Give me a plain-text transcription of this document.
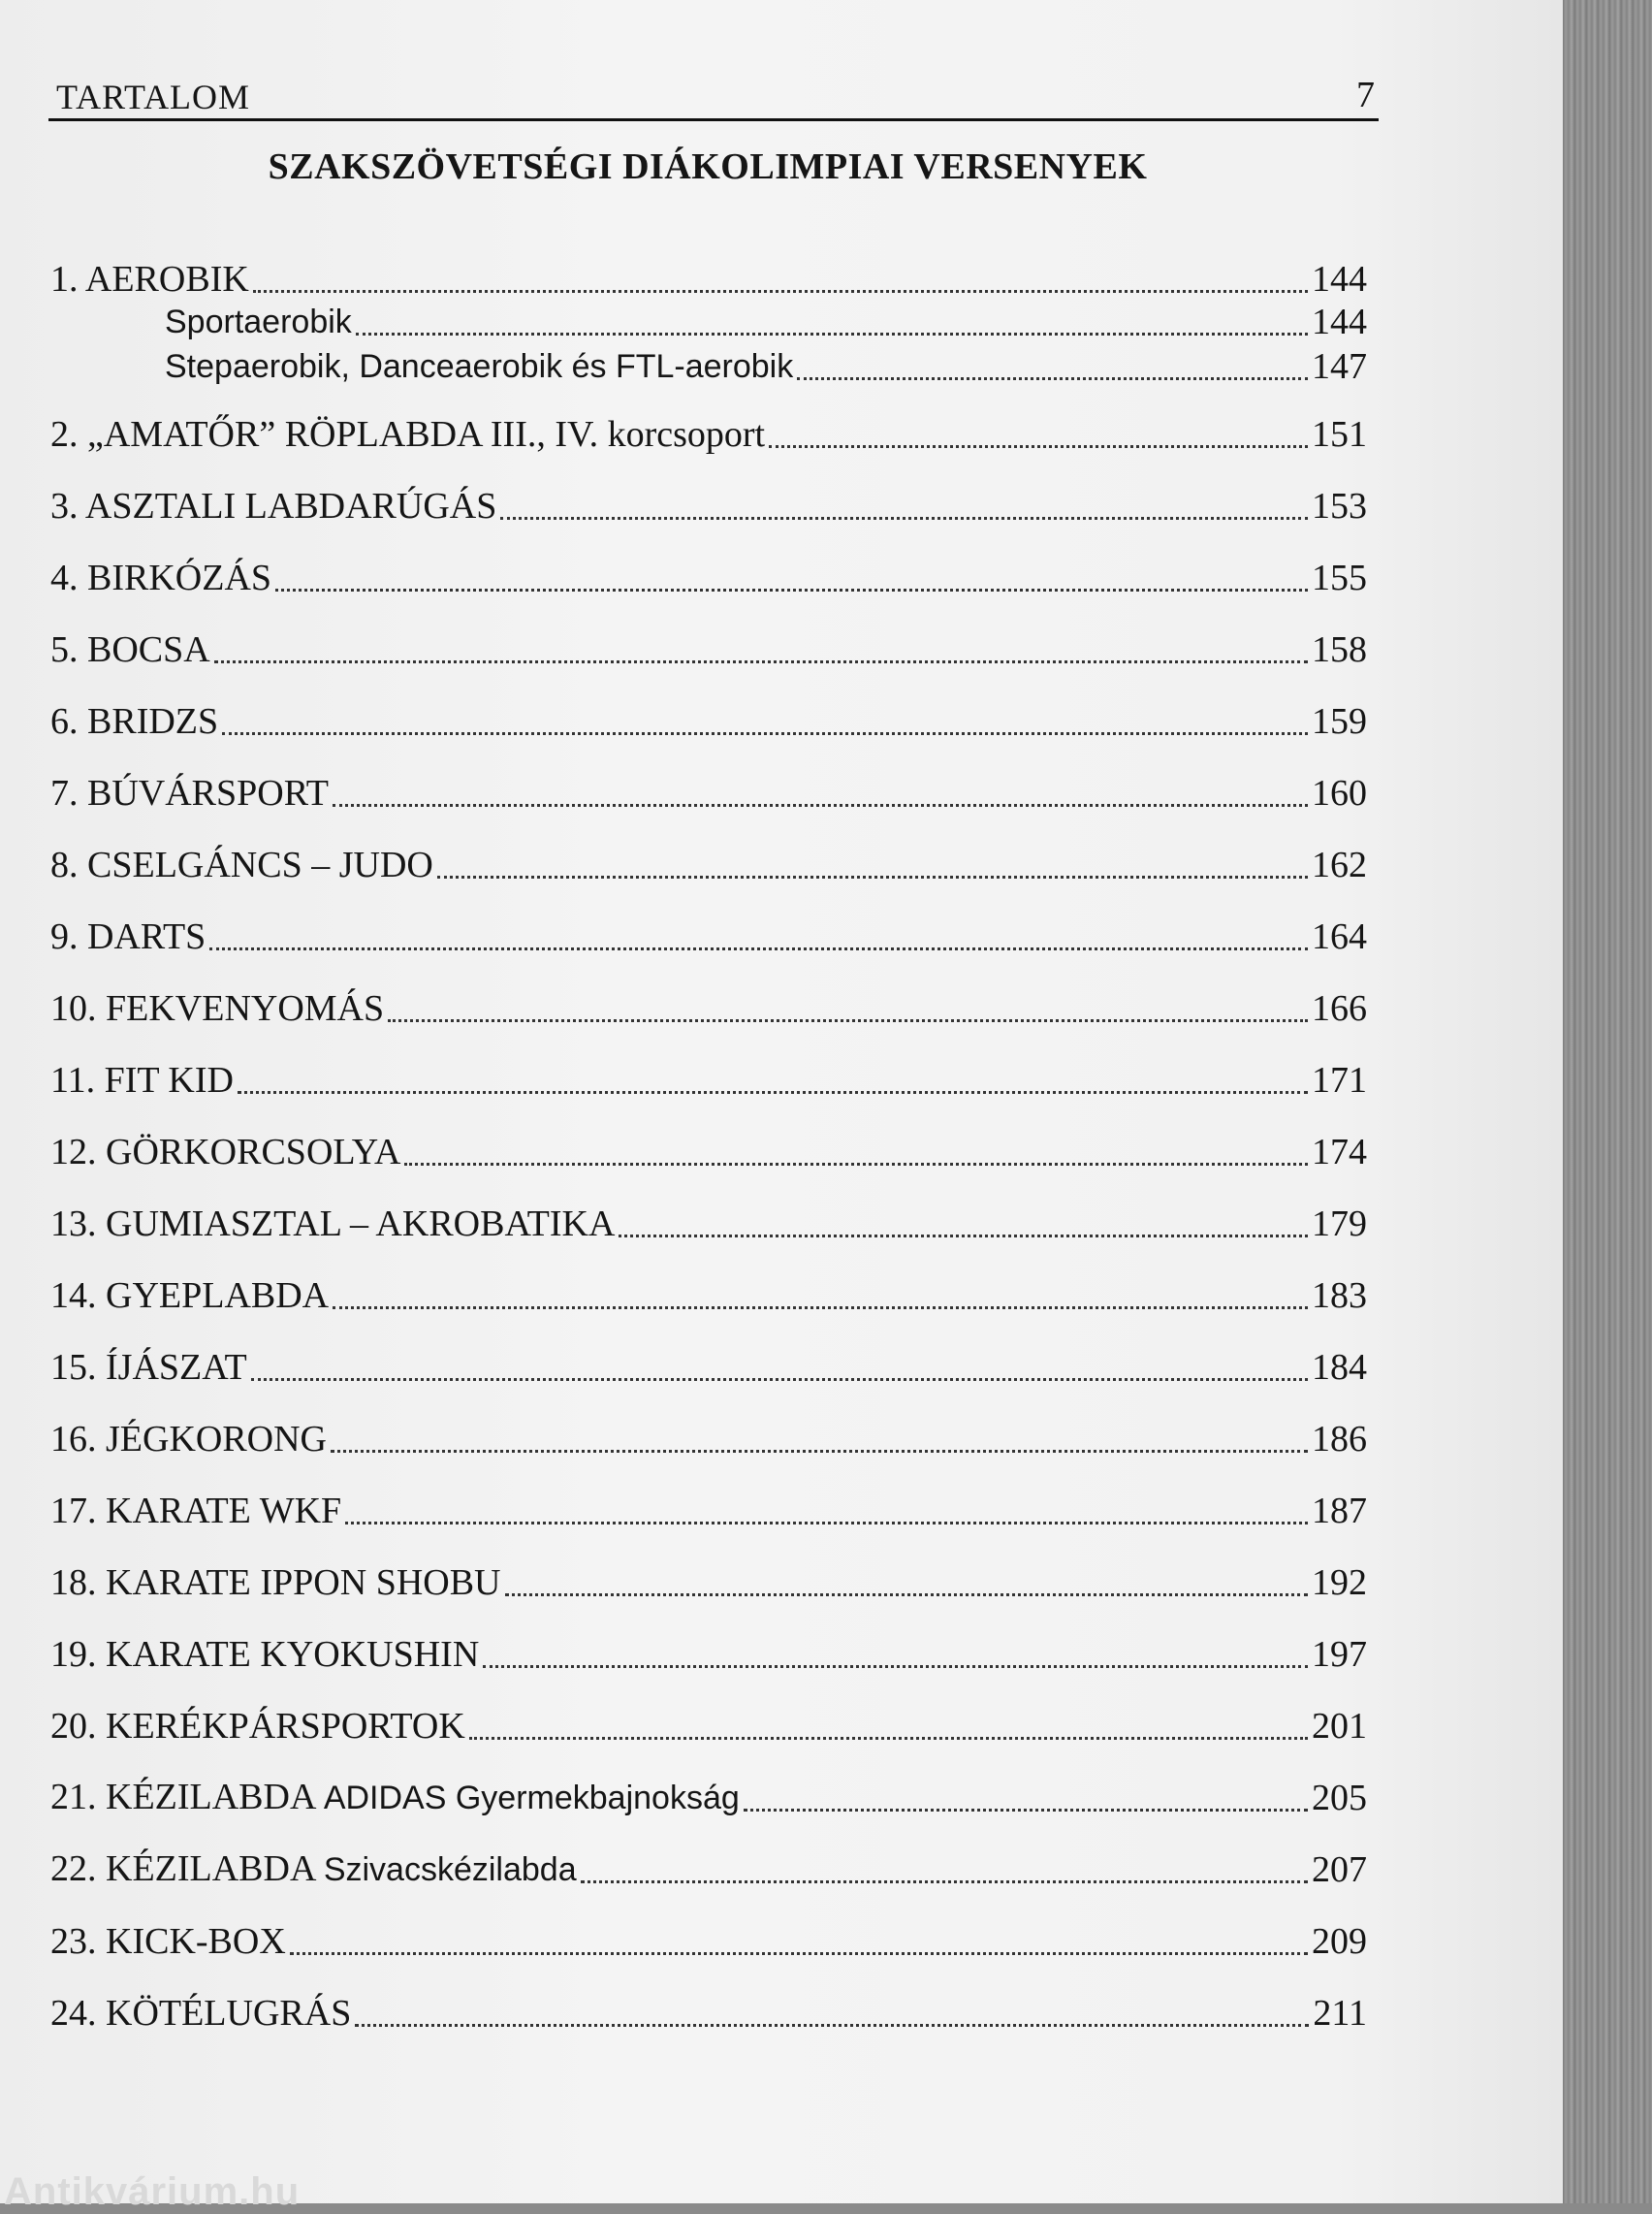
TARTALOM	7
SZAKSZÖVETSÉGI DIÁKOLIMPIAI VERSENYEK
1. AEROBIK	144
Sportaerobik	144
Stepaerobik, Danceaerobik és FTL-aerobik	147
2. „AMATŐR” RÖPLABDA III., IV. korcsoport	151
3. ASZTALI LABDARÚGÁS	153
4. BIRKÓZÁS	155
5. BOCSA	158
6. BRIDZS	159
7. BÚVÁRSPORT	160
8. CSELGÁNCS – JUDO	162
9. DARTS	164
10. FEKVENYOMÁS	166
11. FIT KID	171
12. GÖRKORCSOLYA	174
13. GUMIASZTAL – AKROBATIKA	179
14. GYEPLABDA	183
15. ÍJÁSZAT	184
16. JÉGKORONG	186
17. KARATE WKF	187
18. KARATE IPPON SHOBU	192
19. KARATE KYOKUSHIN	197
20. KERÉKPÁRSPORTOK	201
21. KÉZILABDA ADIDAS Gyermekbajnokság	205
22. KÉZILABDA Szivacskézilabda	207
23. KICK-BOX	209
24. KÖTÉLUGRÁS	211
Antikvárium.hu
